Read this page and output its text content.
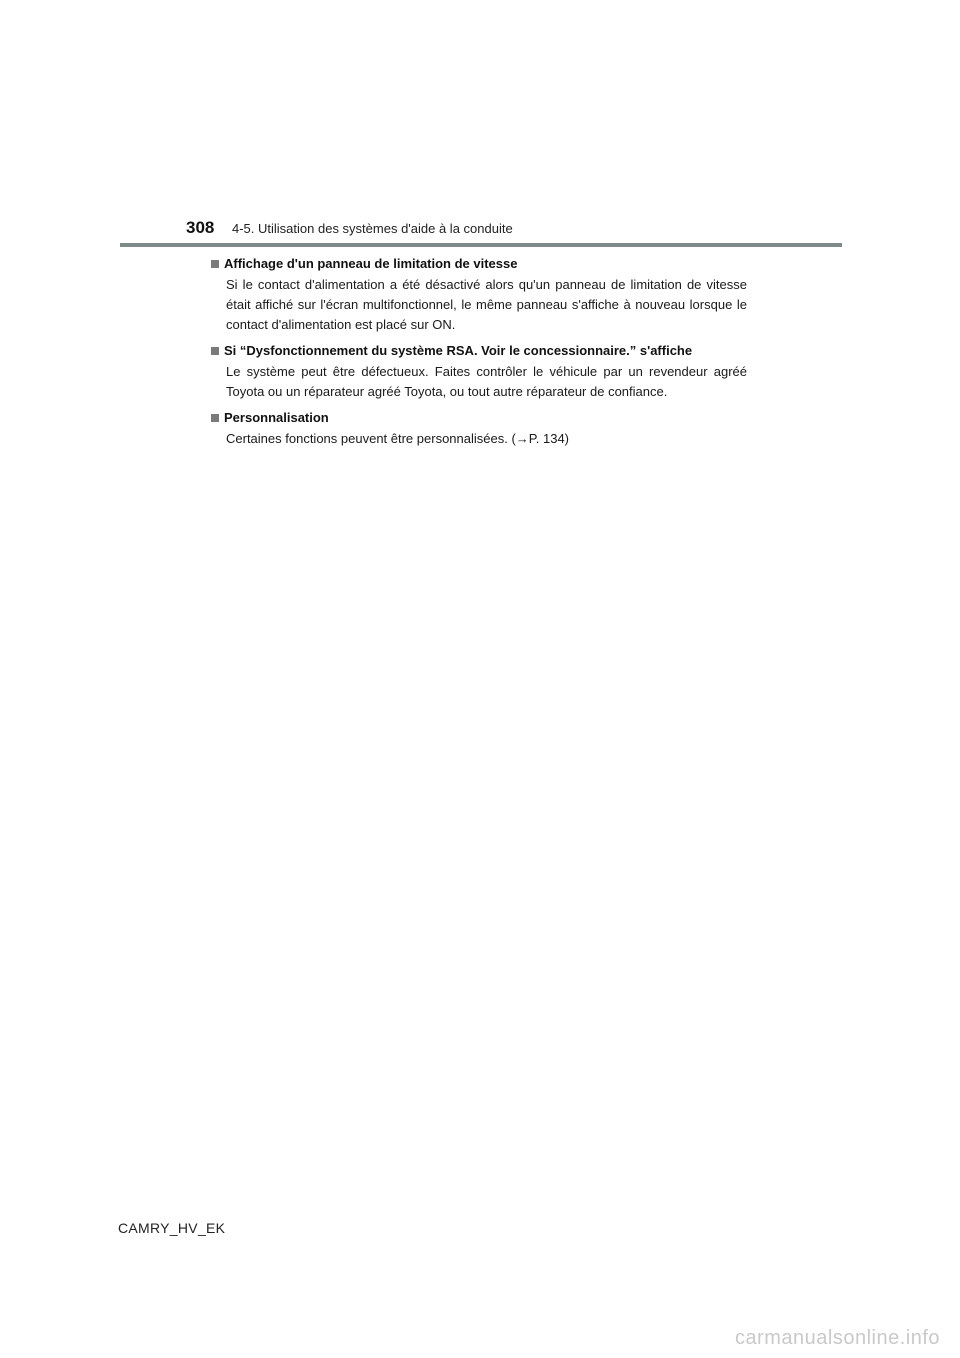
308 4-5. Utilisation des systèmes d'aide à la conduite
Affichage d'un panneau de limitation de vitesse
Si le contact d'alimentation a été désactivé alors qu'un panneau de limitation de vitesse était affiché sur l'écran multifonctionnel, le même panneau s'affiche à nouveau lorsque le contact d'alimentation est placé sur ON.
Si “Dysfonctionnement du système RSA. Voir le concessionnaire.” s'affiche
Le système peut être défectueux. Faites contrôler le véhicule par un revendeur agréé Toyota ou un réparateur agréé Toyota, ou tout autre réparateur de confiance.
Personnalisation
Certaines fonctions peuvent être personnalisées. (→P. 134)
CAMRY_HV_EK
carmanualsonline.info
